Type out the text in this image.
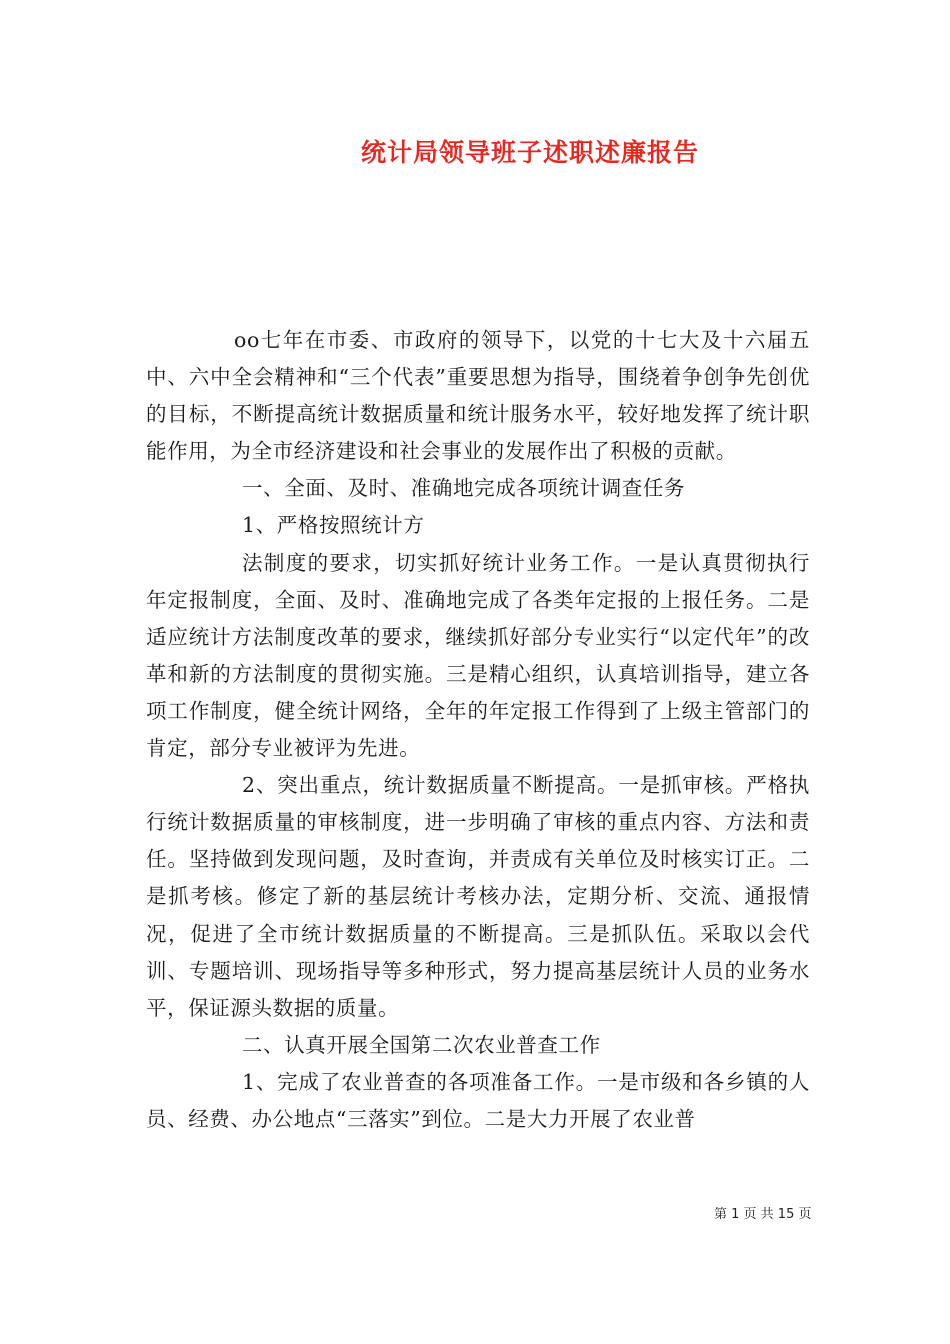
统计局领导班子述职述廉报告

oo七年在市委、市政府的领导下，以党的十七大及十六届五中、六中全会精神和“三个代表”重要思想为指导，围绕着争创争先创优的目标，不断提高统计数据质量和统计服务水平，较好地发挥了统计职能作用，为全市经济建设和社会事业的发展作出了积极的贡献。

一、全面、及时、准确地完成各项统计调查任务

1、严格按照统计方

法制度的要求，切实抓好统计业务工作。一是认真贯彻执行年定报制度，全面、及时、准确地完成了各类年定报的上报任务。二是适应统计方法制度改革的要求，继续抓好部分专业实行“以定代年”的改革和新的方法制度的贯彻实施。三是精心组织，认真培训指导，建立各项工作制度，健全统计网络，全年的年定报工作得到了上级主管部门的肯定，部分专业被评为先进。

2、突出重点，统计数据质量不断提高。一是抓审核。严格执行统计数据质量的审核制度，进一步明确了审核的重点内容、方法和责任。坚持做到发现问题，及时查询，并责成有关单位及时核实订正。二是抓考核。修定了新的基层统计考核办法，定期分析、交流、通报情况，促进了全市统计数据质量的不断提高。三是抓队伍。采取以会代训、专题培训、现场指导等多种形式，努力提高基层统计人员的业务水平，保证源头数据的质量。

二、认真开展全国第二次农业普查工作

1、完成了农业普查的各项准备工作。一是市级和各乡镇的人员、经费、办公地点“三落实”到位。二是大力开展了农业普

第 1 页 共 15 页
